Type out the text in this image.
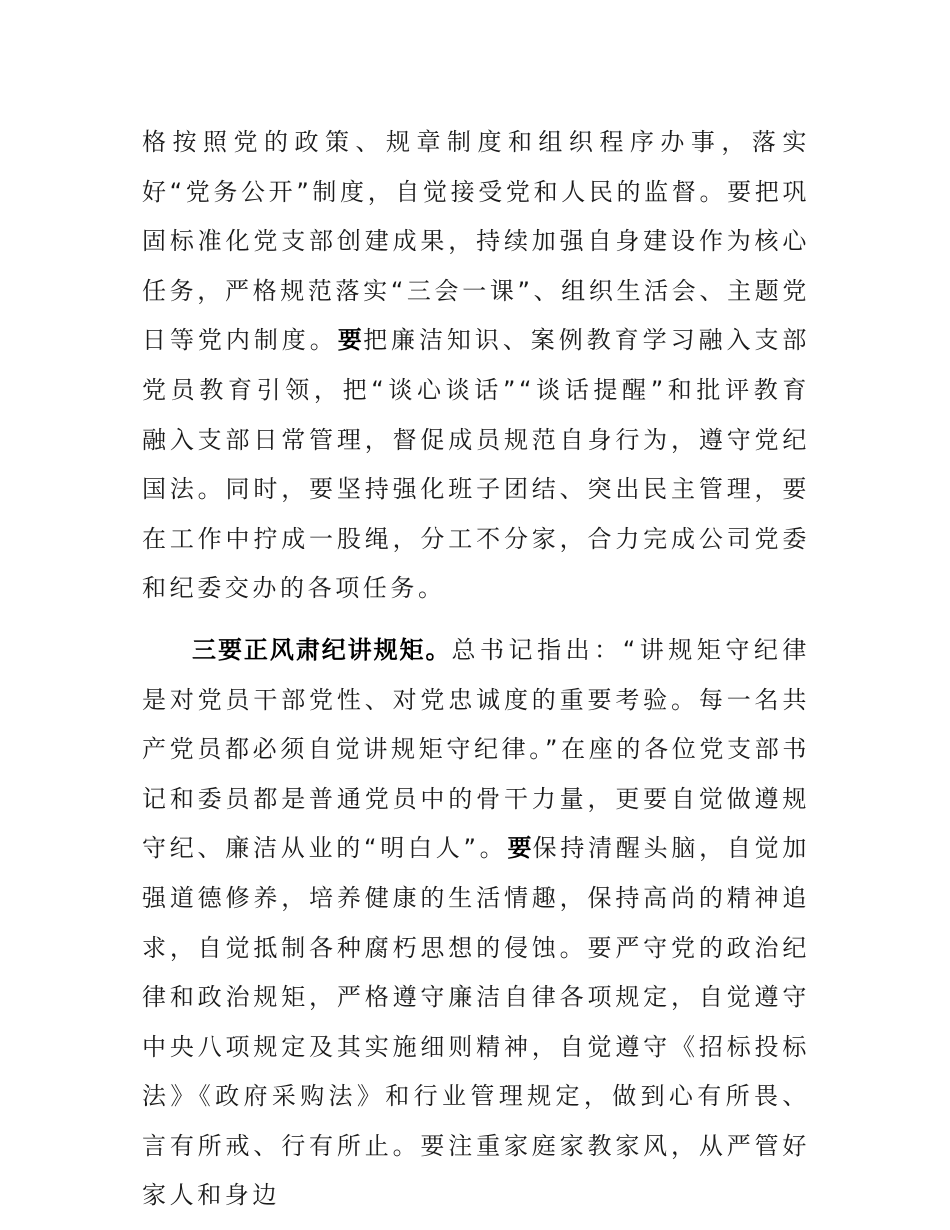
格按照党的政策、规章制度和组织程序办事，落实好“党务公开”制度，自觉接受党和人民的监督。要把巩固标准化党支部创建成果，持续加强自身建设作为核心任务，严格规范落实“三会一课”、组织生活会、主题党日等党内制度。要把廉洁知识、案例教育学习融入支部党员教育引领，把“谈心谈话”“谈话提醒”和批评教育融入支部日常管理，督促成员规范自身行为，遵守党纪国法。同时，要坚持强化班子团结、突出民主管理，要在工作中拧成一股绳，分工不分家，合力完成公司党委和纪委交办的各项任务。

三要正风肃纪讲规矩。总书记指出：“讲规矩守纪律是对党员干部党性、对党忠诚度的重要考验。每一名共产党员都必须自觉讲规矩守纪律。”在座的各位党支部书记和委员都是普通党员中的骨干力量，更要自觉做遵规守纪、廉洁从业的“明白人”。要保持清醒头脑，自觉加强道德修养，培养健康的生活情趣，保持高尚的精神追求，自觉抵制各种腐朽思想的侵蚀。要严守党的政治纪律和政治规矩，严格遵守廉洁自律各项规定，自觉遵守中央八项规定及其实施细则精神，自觉遵守《招标投标法》《政府采购法》和行业管理规定，做到心有所畏、言有所戒、行有所止。要注重家庭家教家风，从严管好家人和身边
